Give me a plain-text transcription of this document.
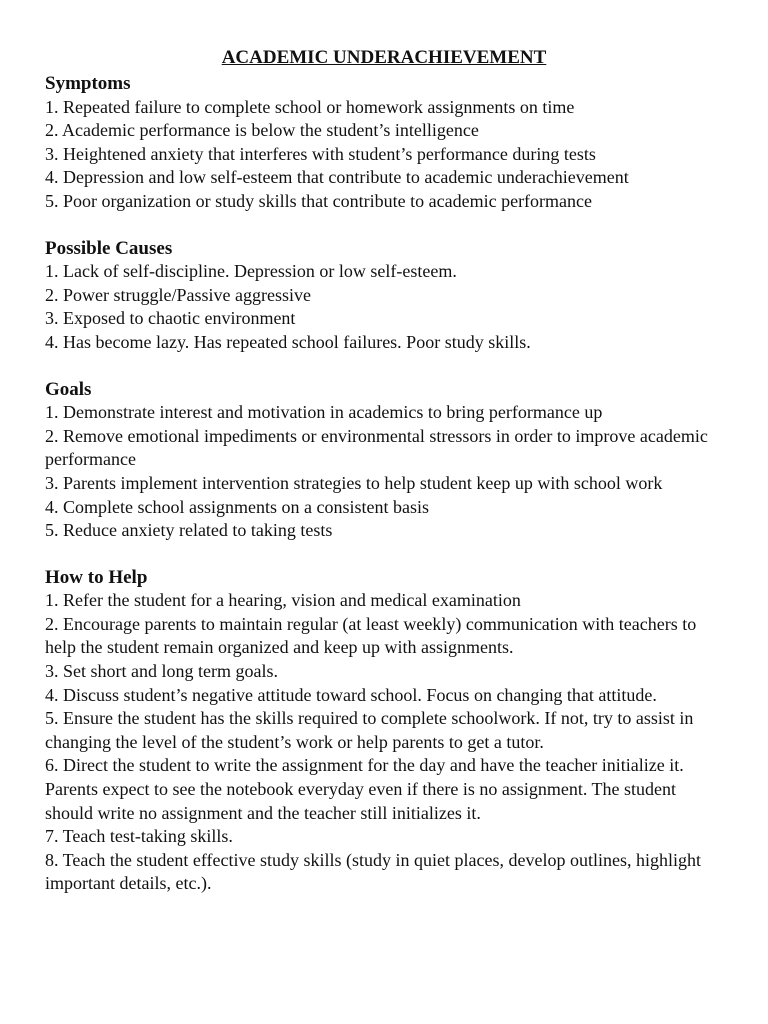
ACADEMIC UNDERACHIEVEMENT
Symptoms
1. Repeated failure to complete school or homework assignments on time
2. Academic performance is below the student’s intelligence
3. Heightened anxiety that interferes with student’s performance during tests
4. Depression and low self-esteem that contribute to academic underachievement
5. Poor organization or study skills that contribute to academic performance
Possible Causes
1. Lack of self-discipline. Depression or low self-esteem.
2. Power struggle/Passive aggressive
3. Exposed to chaotic environment
4. Has become lazy. Has repeated school failures. Poor study skills.
Goals
1. Demonstrate interest and motivation in academics to bring performance up
2. Remove emotional impediments or environmental stressors in order to improve academic performance
3. Parents implement intervention strategies to help student keep up with school work
4. Complete school assignments on a consistent basis
5. Reduce anxiety related to taking tests
How to Help
1. Refer the student for a hearing, vision and medical examination
2. Encourage parents to maintain regular (at least weekly) communication with teachers to help the student remain organized and keep up with assignments.
3. Set short and long term goals.
4. Discuss student’s negative attitude toward school. Focus on changing that attitude.
5. Ensure the student has the skills required to complete schoolwork. If not, try to assist in changing the level of the student’s work or help parents to get a tutor.
6. Direct the student to write the assignment for the day and have the teacher initialize it. Parents expect to see the notebook everyday even if there is no assignment. The student should write no assignment and the teacher still initializes it.
7. Teach test-taking skills.
8. Teach the student effective study skills (study in quiet places, develop outlines, highlight important details, etc.).
